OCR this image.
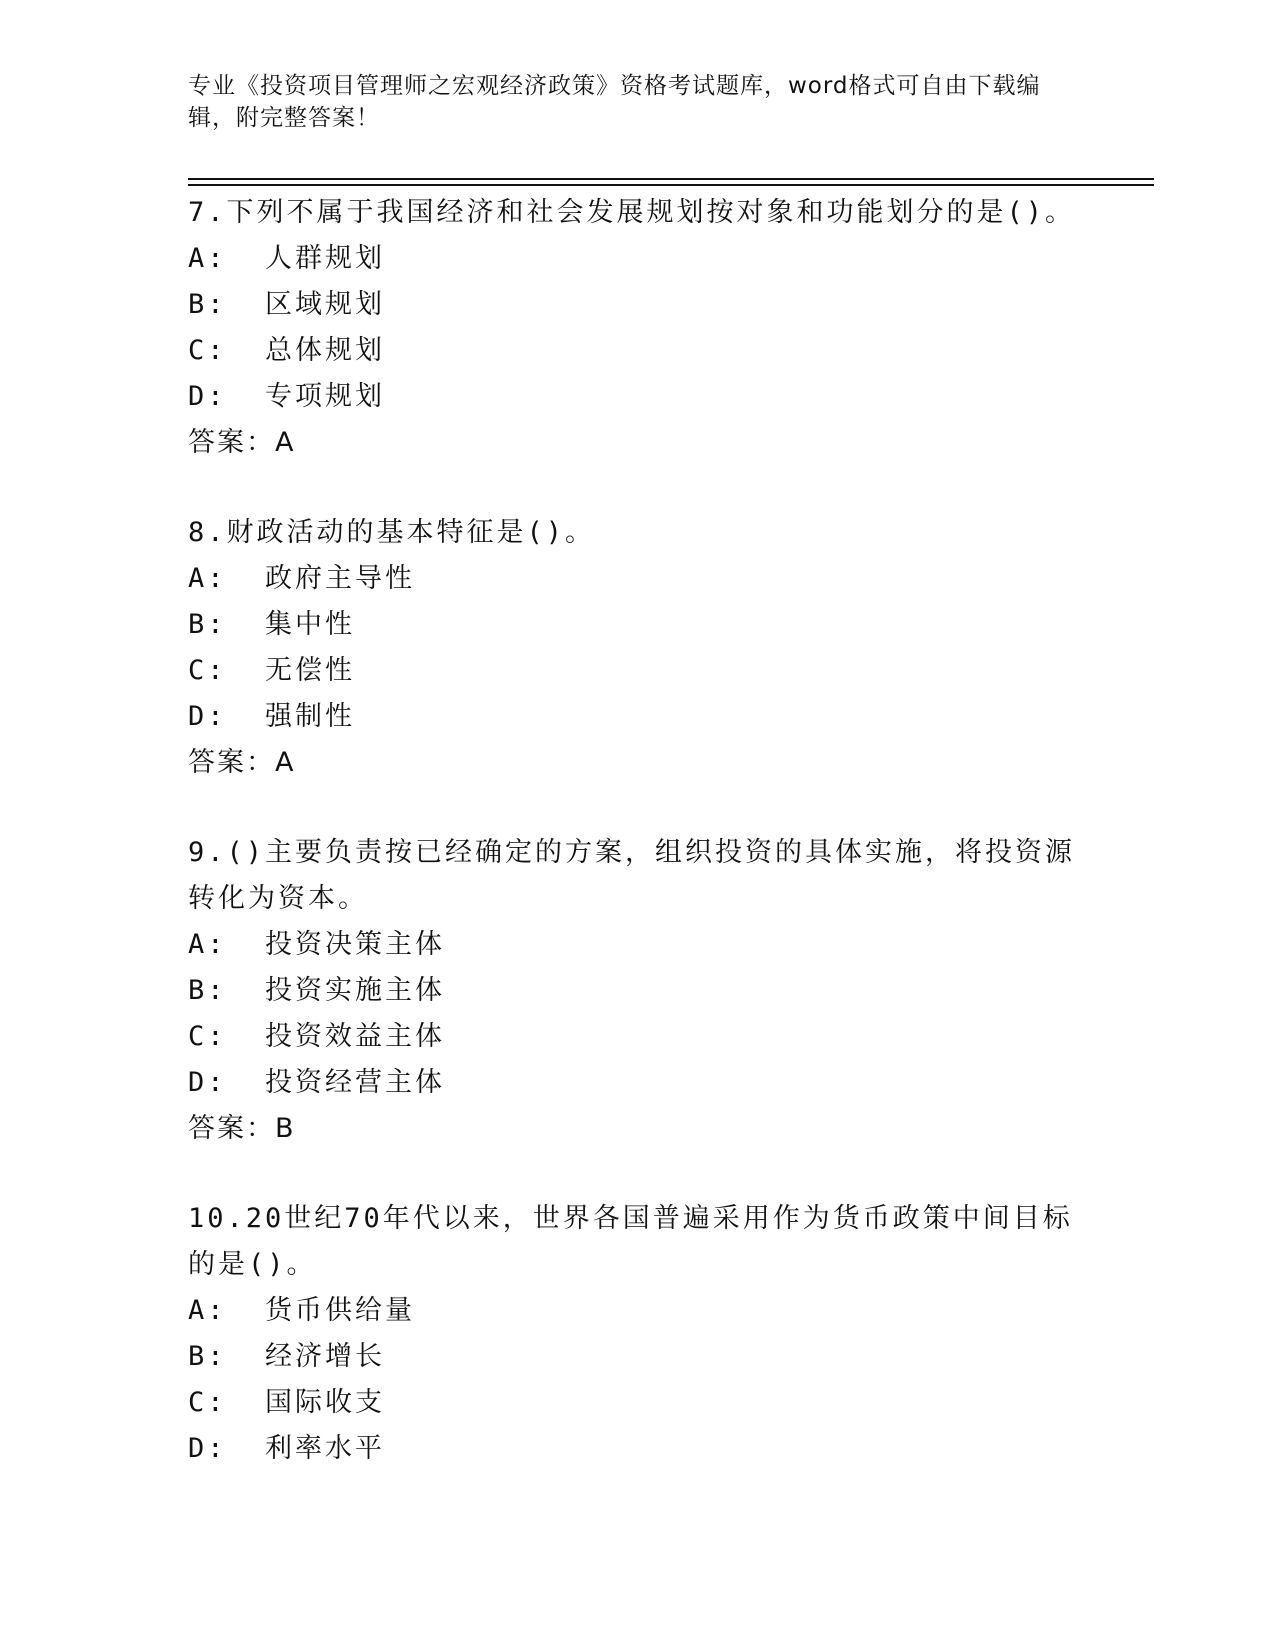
专业《投资项目管理师之宏观经济政策》资格考试题库，word格式可自由下载编辑，附完整答案！

7.下列不属于我国经济和社会发展规划按对象和功能划分的是()。

A:  人群规划

B:  区域规划

C:  总体规划

D:  专项规划

答案：A

8.财政活动的基本特征是()。

A:  政府主导性

B:  集中性

C:  无偿性

D:  强制性

答案：A

9.()主要负责按已经确定的方案，组织投资的具体实施，将投资源转化为资本。

A:  投资决策主体

B:  投资实施主体

C:  投资效益主体

D:  投资经营主体

答案：B

10.20世纪70年代以来，世界各国普遍采用作为货币政策中间目标的是()。

A:  货币供给量

B:  经济增长

C:  国际收支

D:  利率水平
